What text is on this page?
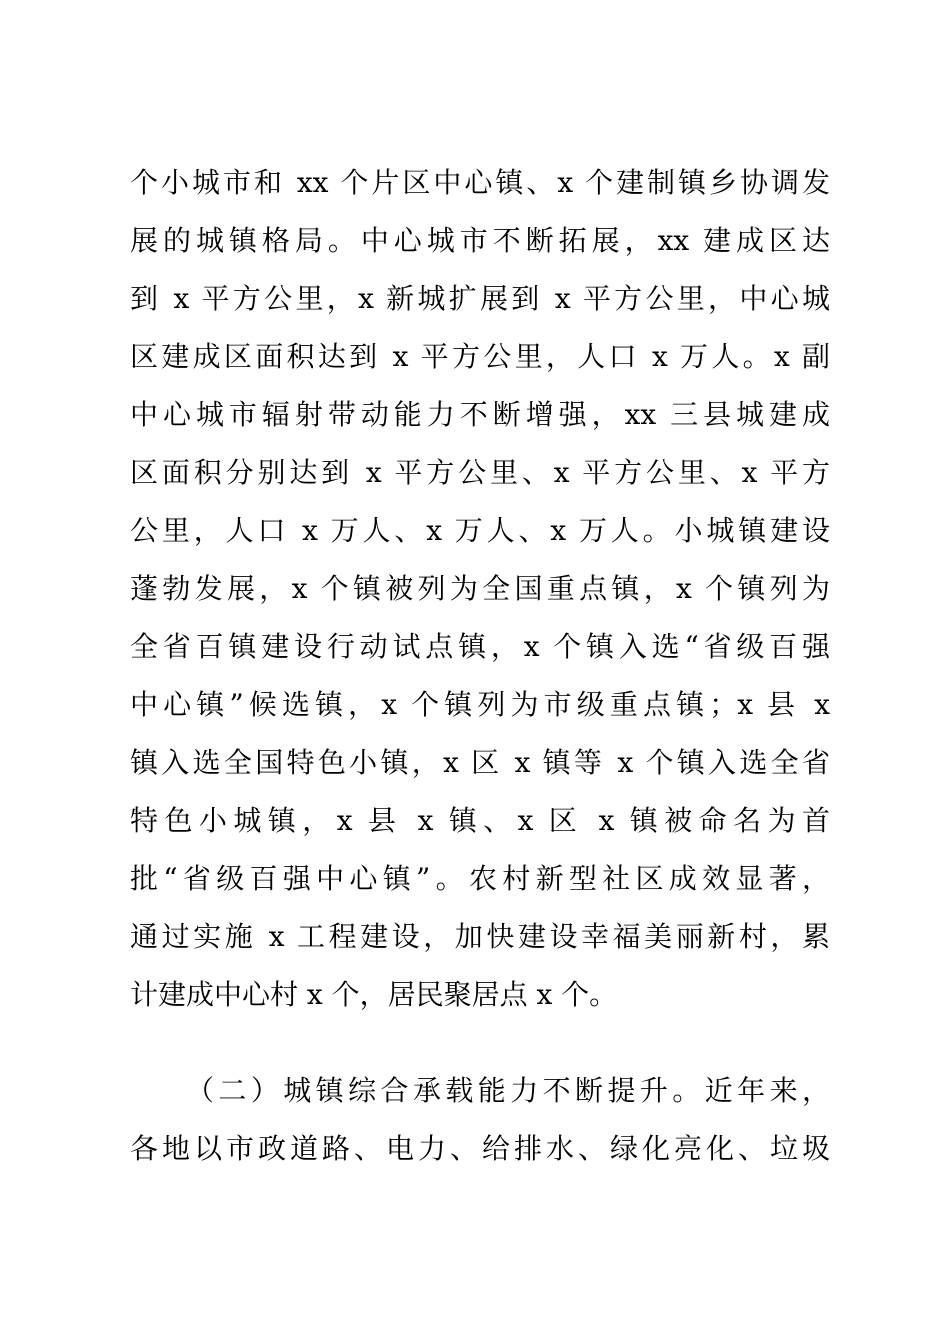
个小城市和 xx 个片区中心镇、x 个建制镇乡协调发
展的城镇格局。中心城市不断拓展，xx 建成区达
到 x 平方公里，x 新城扩展到 x 平方公里，中心城
区建成区面积达到 x 平方公里，人口 x 万人。x 副
中心城市辐射带动能力不断增强，xx 三县城建成
区面积分别达到 x 平方公里、x 平方公里、x 平方
公里，人口 x 万人、x 万人、x 万人。小城镇建设
蓬勃发展，x 个镇被列为全国重点镇，x 个镇列为
全省百镇建设行动试点镇，x 个镇入选“省级百强
中心镇”候选镇，x 个镇列为市级重点镇；x 县 x
镇入选全国特色小镇，x 区 x 镇等 x 个镇入选全省
特色小城镇，x 县 x 镇、x 区 x 镇被命名为首
批“省级百强中心镇”。农村新型社区成效显著，
通过实施 x 工程建设，加快建设幸福美丽新村，累
计建成中心村 x 个，居民聚居点 x 个。
（二）城镇综合承载能力不断提升。近年来，
各地以市政道路、电力、给排水、绿化亮化、垃圾
